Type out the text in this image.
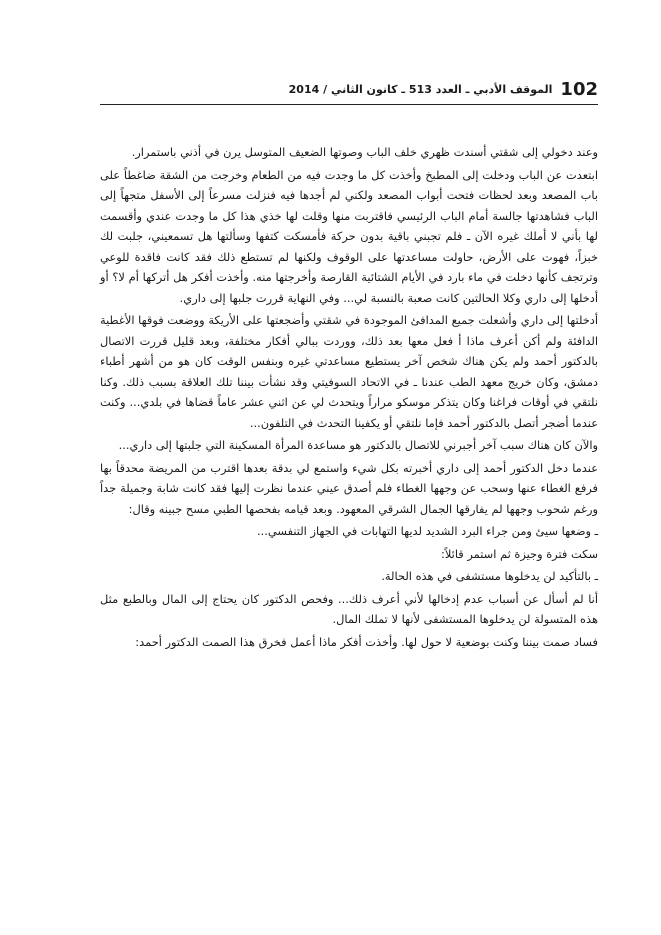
102
الموقف الأدبي ـ العدد 513 ـ كانون الثاني / 2014

وعند دخولي إلى شقتي أسندت ظهري خلف الباب وصوتها الضعيف المتوسل يرن في أذني باستمرار.

ابتعدت عن الباب ودخلت إلى المطبخ وأخذت كل ما وجدت فيه من الطعام وخرجت من الشقة ضاغطاً على باب المصعد وبعد لحظات فتحت أبواب المصعد ولكني لم أجدها فيه فنزلت مسرعاً إلى الأسفل متجهاً إلى الباب فشاهدتها جالسة أمام الباب الرئيسي فاقتربت منها وقلت لها خذي هذا كل ما وجدت عندي وأقسمت لها بأني لا أملك غيره الآن ـ فلم تجبني باقية بدون حركة فأمسكت كتفها وسألتها هل تسمعيني، جلبت لك خبزاً، فهوت على الأرض، حاولت مساعدتها على الوقوف ولكنها لم تستطع ذلك فقد كانت فاقدة للوعي وترتجف كأنها دخلت في ماء بارد في الأيام الشتائية القارصة وأخرجتها منه. وأخذت أفكر هل أتركها أم لا؟ أو أدخلها إلى داري وكلا الحالتين كانت صعبة بالنسبة لي... وفي النهاية قررت جلبها إلى داري.

أدخلتها إلى داري وأشعلت جميع المدافئ الموجودة في شقتي وأضجعتها على الأريكة ووضعت فوقها الأغطية الدافئة ولم أكن أعرف ماذا أ فعل معها بعد ذلك، ووردت ببالي أفكار مختلفة، وبعد قليل قررت الاتصال بالدكتور أحمد ولم يكن هناك شخص آخر يستطيع مساعدتي غيره وبنفس الوقت كان هو من أشهر أطباء دمشق، وكان خريج معهد الطب عندنا ـ في الاتحاد السوفيتي وقد نشأت بيننا تلك العلاقة بسبب ذلك. وكنا نلتقي في أوقات فراغنا وكان يتذكر موسكو مراراً ويتحدث لي عن اثني عشر عاماً قضاها في بلدي... وكنت عندما أضجر أتصل بالدكتور أحمد فإما نلتقي أو يكفينا التحدث في التلفون...

والآن كان هناك سبب آخر أجبرني للاتصال بالدكتور هو مساعدة المرأة المسكينة التي جلبتها إلى داري...

عندما دخل الدكتور أحمد إلى داري أخبرته بكل شيء واستمع لي بدقة بعدها اقترب من المريضة محدقاً بها فرفع الغطاء عنها وسحب عن وجهها الغطاء فلم أصدق عيني عندما نظرت إليها فقد كانت شابة وجميلة جداً ورغم شحوب وجهها لم يفارقها الجمال الشرقي المعهود. وبعد قيامه بفحصها الطبي مسح جبينه وقال:

ـ وضعها سيئ ومن جراء البرد الشديد لديها التهابات في الجهاز التنفسي...

سكت فترة وجيزة ثم استمر قائلاً:

ـ بالتأكيد لن يدخلوها مستشفى في هذه الحالة.

أنا لم أسأل عن أسباب عدم إدخالها لأني أعرف ذلك... وفحص الدكتور كان يحتاج إلى المال وبالطبع مثل هذه المتسولة لن يدخلوها المستشفى لأنها لا تملك المال.

فساد صمت بيننا وكنت بوضعية لا حول لها. وأخذت أفكر ماذا أعمل فخرق هذا الصمت الدكتور أحمد:
